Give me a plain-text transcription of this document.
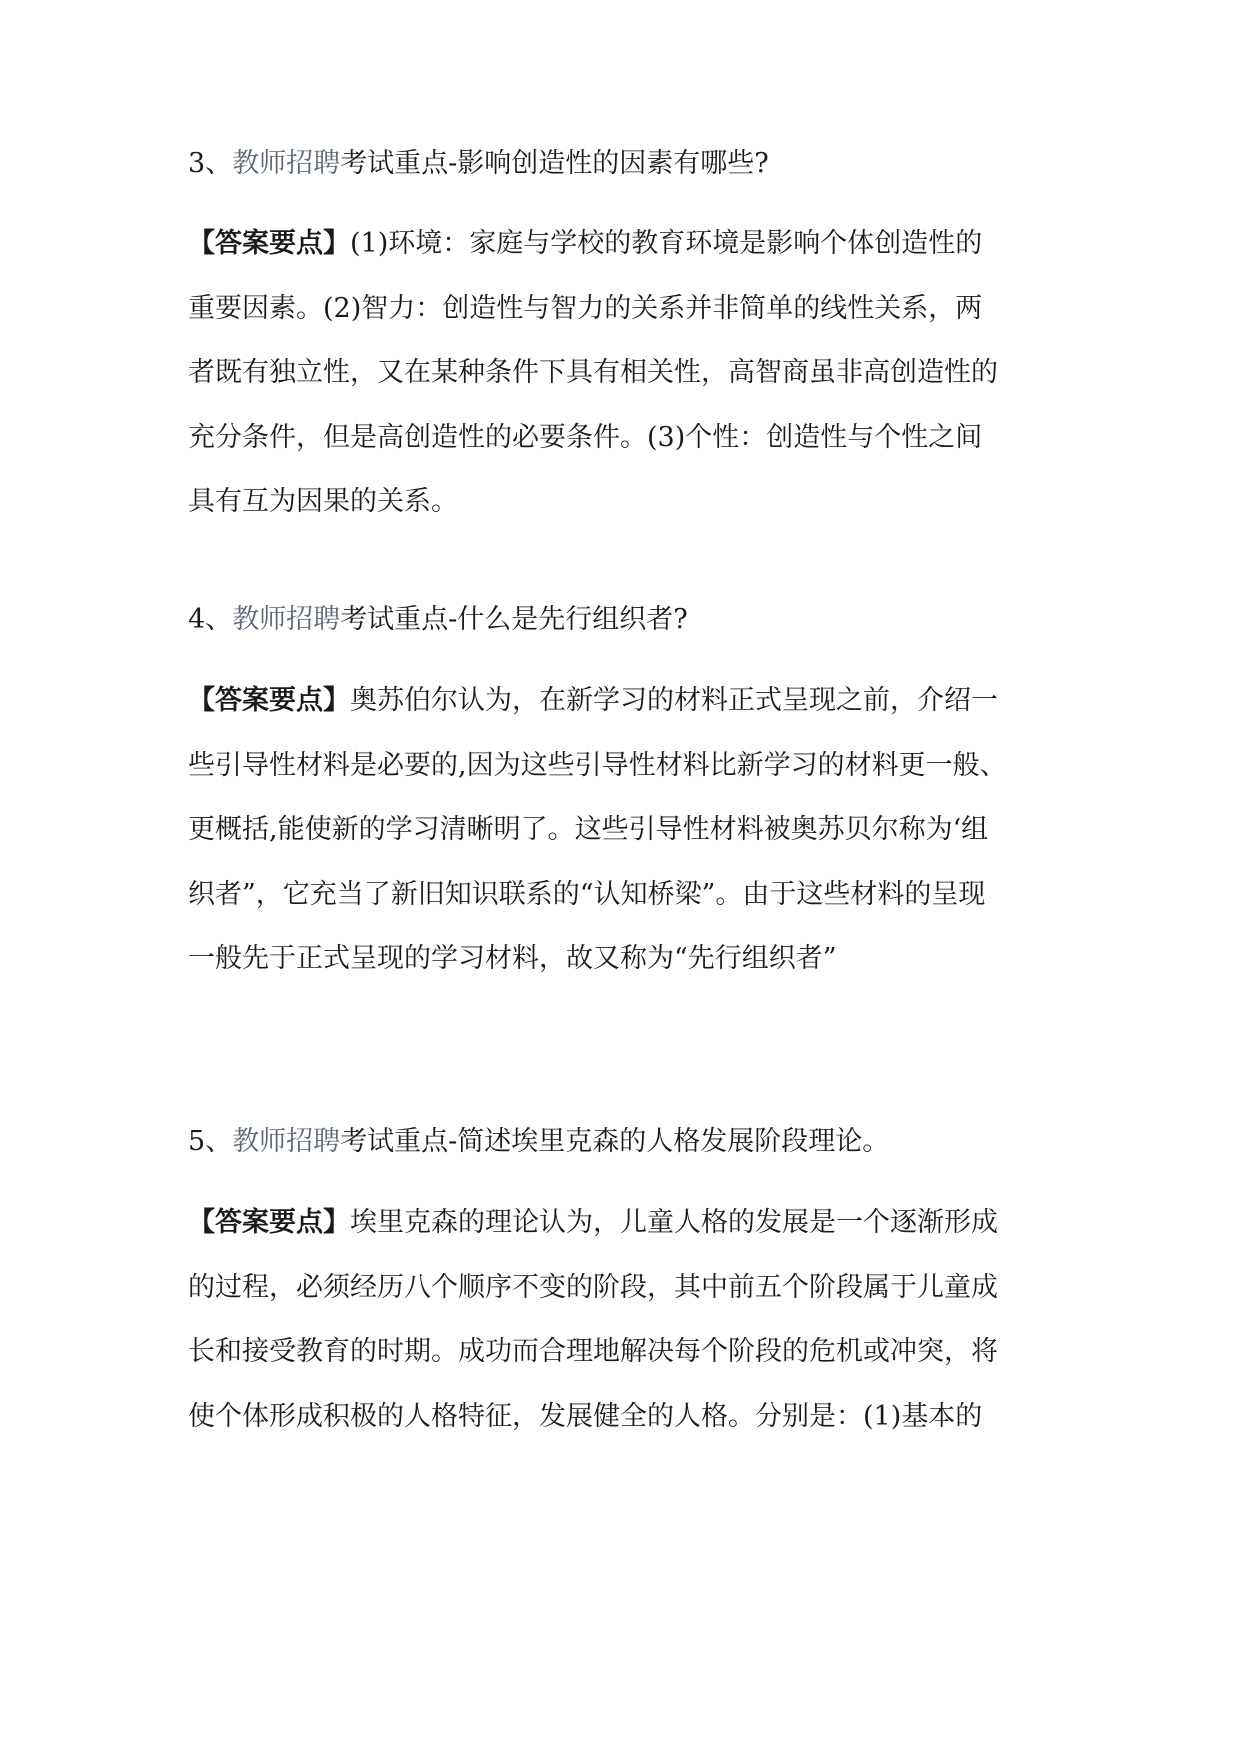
3、教师招聘考试重点-影响创造性的因素有哪些?
【答案要点】(1)环境：家庭与学校的教育环境是影响个体创造性的
重要因素。(2)智力：创造性与智力的关系并非简单的线性关系，两
者既有独立性，又在某种条件下具有相关性，高智商虽非高创造性的
充分条件，但是高创造性的必要条件。(3)个性：创造性与个性之间
具有互为因果的关系。
4、教师招聘考试重点-什么是先行组织者?
【答案要点】奥苏伯尔认为，在新学习的材料正式呈现之前，介绍一
些引导性材料是必要的,因为这些引导性材料比新学习的材料更一般、
更概括,能使新的学习清晰明了。这些引导性材料被奥苏贝尔称为‘组
织者”，它充当了新旧知识联系的“认知桥梁”。由于这些材料的呈现
一般先于正式呈现的学习材料，故又称为“先行组织者”
5、教师招聘考试重点-简述埃里克森的人格发展阶段理论。
【答案要点】埃里克森的理论认为，儿童人格的发展是一个逐渐形成
的过程，必须经历八个顺序不变的阶段，其中前五个阶段属于儿童成
长和接受教育的时期。成功而合理地解决每个阶段的危机或冲突，将
使个体形成积极的人格特征，发展健全的人格。分别是：(1)基本的
